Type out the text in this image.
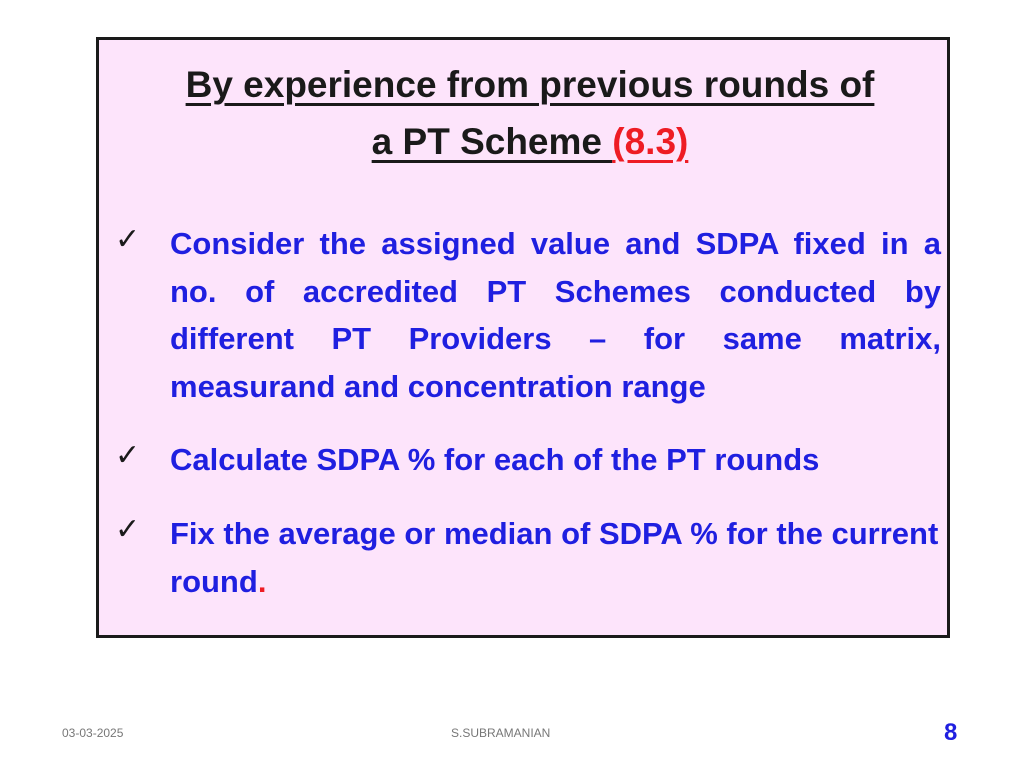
By experience from previous rounds of
a PT Scheme (8.3)
✓ Consider the assigned value and SDPA fixed in a no. of accredited PT Schemes conducted by different PT Providers – for same matrix, measurand and concentration range
✓ Calculate SDPA % for each of the PT rounds
✓ Fix the average or median of SDPA % for the current round.
03-03-2025	S.SUBRAMANIAN	8
